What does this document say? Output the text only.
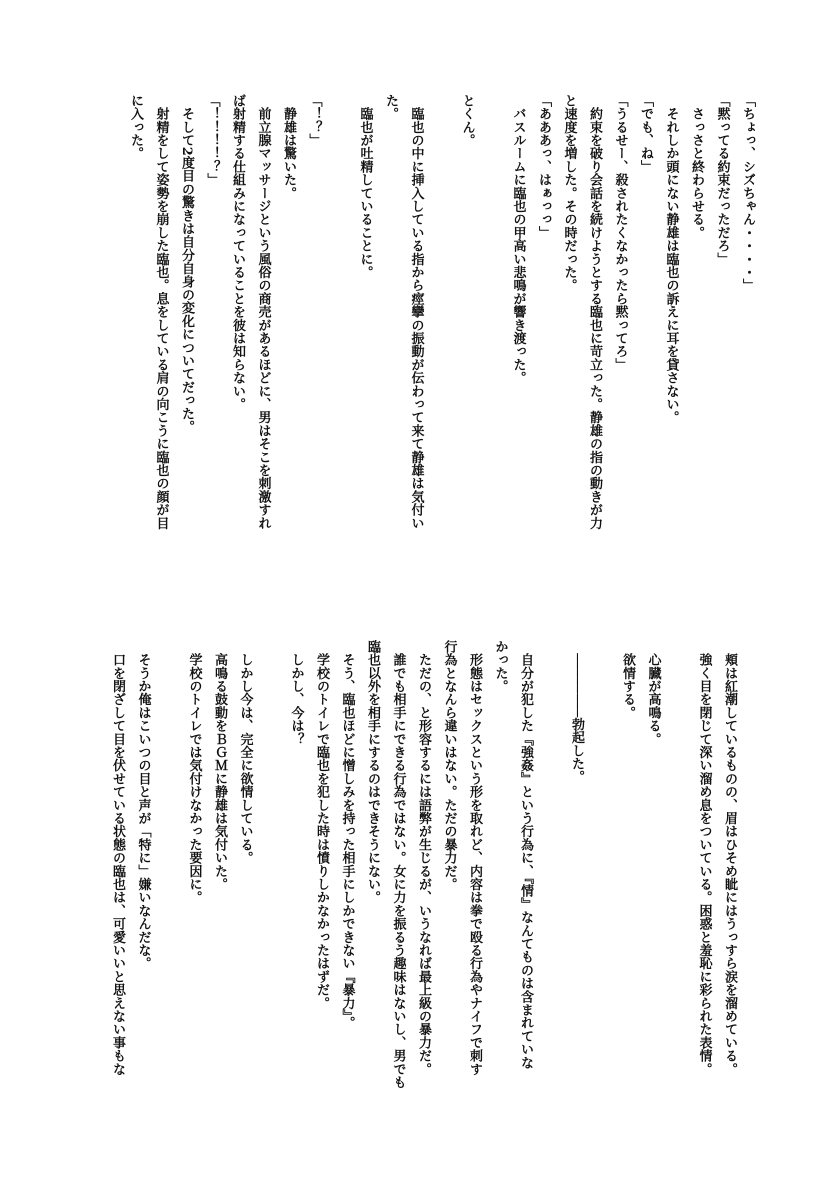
「ちょっ、シズちゃん・・・・」
「黙ってる約束だっただろ」
　さっさと終わらせる。
　それしか頭にない静雄は臨也の訴えに耳を貸さない。
「でも、ね」
「うるせー、殺されたくなかったら黙ってろ」
　約束を破り会話を続けようとする臨也に苛立った。静雄の指の動きが力
と速度を増した。その時だった。
「あああっ、はぁっっ」
　バスルームに臨也の甲高い悲鳴が響き渡った。
とくん。
　臨也の中に挿入している指から痙攣の振動が伝わって来て静雄は気付い
た。
　臨也が吐精していることに。
「！？」
　静雄は驚いた。
　前立腺マッサージという風俗の商売があるほどに、男はそこを刺激すれ
ば射精する仕組みになっていることを彼は知らない。
「！！！！？」
　そして2度目の驚きは自分自身の変化についてだった。
　射精をして姿勢を崩した臨也。息をしている肩の向こうに臨也の顔が目
に入った。
　頬は紅潮しているものの、眉はひそめ眦にはうっすら涙を溜めている。
　強く目を閉じて深い溜め息をついている。困惑と羞恥に彩られた表情。
　心臓が高鳴る。
　欲情する。
　────────勃起した。
　自分が犯した『強姦』という行為に、『情』なんてものは含まれていな
かった。
　形態はセックスという形を取れど、内容は拳で殴る行為やナイフで刺す
行為となんら違いはない。ただの暴力だ。
　ただの、と形容するには語弊が生じるが、いうなれば最上級の暴力だ。
　誰でも相手にできる行為ではない。女に力を振るう趣味はないし、男でも
臨也以外を相手にするのはできそうにない。
　そう、臨也ほどに憎しみを持った相手にしかできない『暴力』。
　学校のトイレで臨也を犯した時は憤りしかなかったはずだ。
　しかし、今は？
　しかし今は、完全に欲情している。
　高鳴る鼓動をＢＧＭに静雄は気付いた。
　学校のトイレでは気付けなかった要因に。
　そうか俺はこいつの目と声が「特に」嫌いなんだな。
　口を閉ざして目を伏せている状態の臨也は、可愛いいと思えない事もな
